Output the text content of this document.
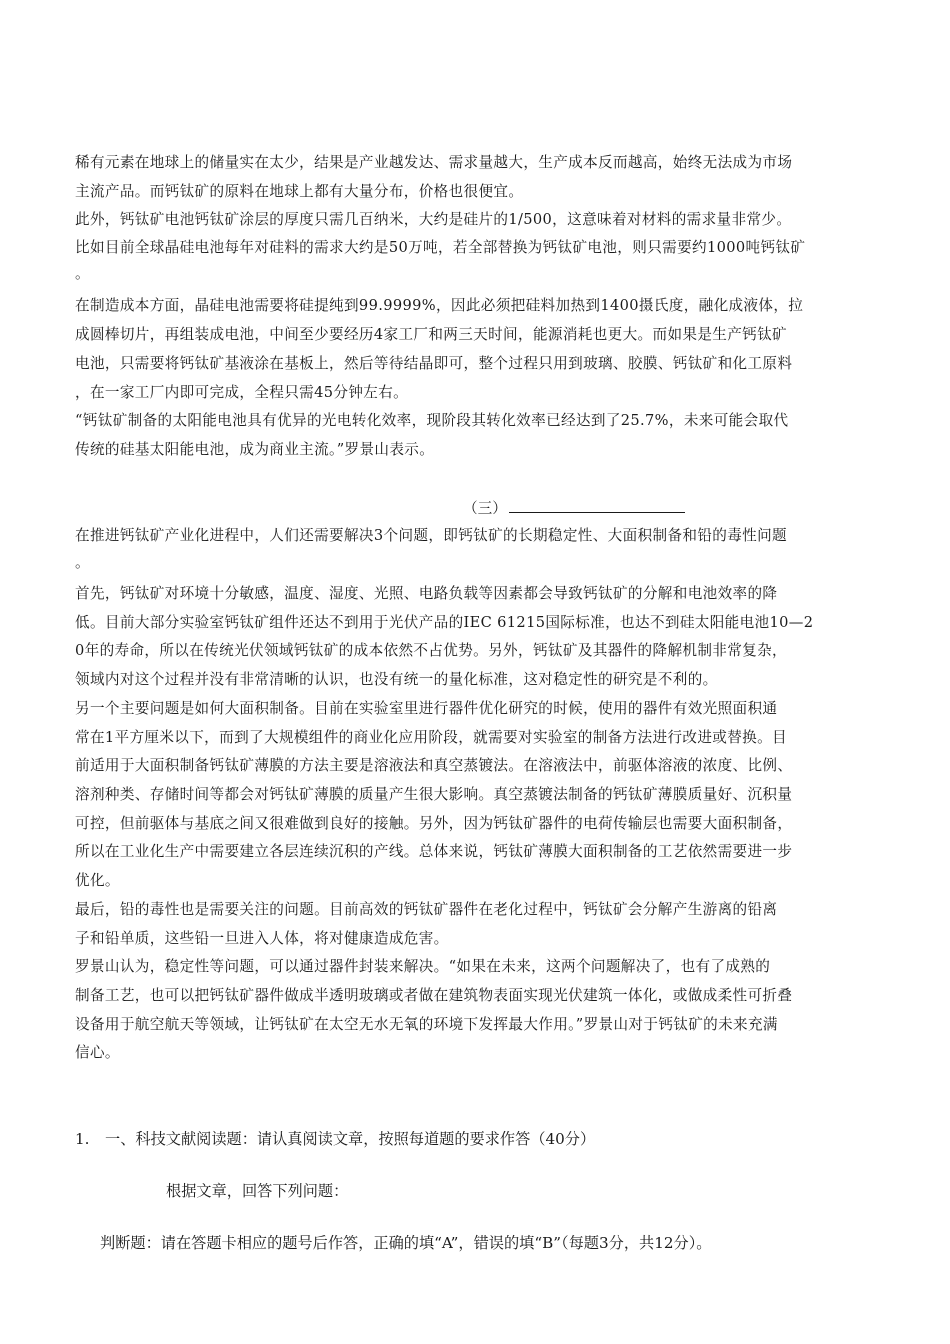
稀有元素在地球上的储量实在太少，结果是产业越发达、需求量越大，生产成本反而越高，始终无法成为市场
主流产品。而钙钛矿的原料在地球上都有大量分布，价格也很便宜。
此外，钙钛矿电池钙钛矿涂层的厚度只需几百纳米，大约是硅片的1/500，这意味着对材料的需求量非常少。
比如目前全球晶硅电池每年对硅料的需求大约是50万吨，若全部替换为钙钛矿电池，则只需要约1000吨钙钛矿
。
在制造成本方面，晶硅电池需要将硅提纯到99.9999%，因此必须把硅料加热到1400摄氏度，融化成液体，拉
成圆棒切片，再组装成电池，中间至少要经历4家工厂和两三天时间，能源消耗也更大。而如果是生产钙钛矿
电池，只需要将钙钛矿基液涂在基板上，然后等待结晶即可，整个过程只用到玻璃、胶膜、钙钛矿和化工原料
，在一家工厂内即可完成，全程只需45分钟左右。
“钙钛矿制备的太阳能电池具有优异的光电转化效率，现阶段其转化效率已经达到了25.7%，未来可能会取代
传统的硅基太阳能电池，成为商业主流。”罗景山表示。
（三）
在推进钙钛矿产业化进程中，人们还需要解决3个问题，即钙钛矿的长期稳定性、大面积制备和铅的毒性问题
。
首先，钙钛矿对环境十分敏感，温度、湿度、光照、电路负载等因素都会导致钙钛矿的分解和电池效率的降
低。目前大部分实验室钙钛矿组件还达不到用于光伏产品的IEC 61215国际标准，也达不到硅太阳能电池10—2
0年的寿命，所以在传统光伏领域钙钛矿的成本依然不占优势。另外，钙钛矿及其器件的降解机制非常复杂，
领域内对这个过程并没有非常清晰的认识，也没有统一的量化标准，这对稳定性的研究是不利的。
另一个主要问题是如何大面积制备。目前在实验室里进行器件优化研究的时候，使用的器件有效光照面积通
常在1平方厘米以下，而到了大规模组件的商业化应用阶段，就需要对实验室的制备方法进行改进或替换。目
前适用于大面积制备钙钛矿薄膜的方法主要是溶液法和真空蒸镀法。在溶液法中，前驱体溶液的浓度、比例、
溶剂种类、存储时间等都会对钙钛矿薄膜的质量产生很大影响。真空蒸镀法制备的钙钛矿薄膜质量好、沉积量
可控，但前驱体与基底之间又很难做到良好的接触。另外，因为钙钛矿器件的电荷传输层也需要大面积制备，
所以在工业化生产中需要建立各层连续沉积的产线。总体来说，钙钛矿薄膜大面积制备的工艺依然需要进一步
优化。
最后，铅的毒性也是需要关注的问题。目前高效的钙钛矿器件在老化过程中，钙钛矿会分解产生游离的铅离
子和铅单质，这些铅一旦进入人体，将对健康造成危害。
罗景山认为，稳定性等问题，可以通过器件封装来解决。“如果在未来，这两个问题解决了，也有了成熟的
制备工艺，也可以把钙钛矿器件做成半透明玻璃或者做在建筑物表面实现光伏建筑一体化，或做成柔性可折叠
设备用于航空航天等领域，让钙钛矿在太空无水无氧的环境下发挥最大作用。”罗景山对于钙钛矿的未来充满
信心。
1. 一、科技文献阅读题：请认真阅读文章，按照每道题的要求作答（40分）
根据文章，回答下列问题：
判断题：请在答题卡相应的题号后作答，正确的填“A”，错误的填“B”（每题3分，共12分）。
